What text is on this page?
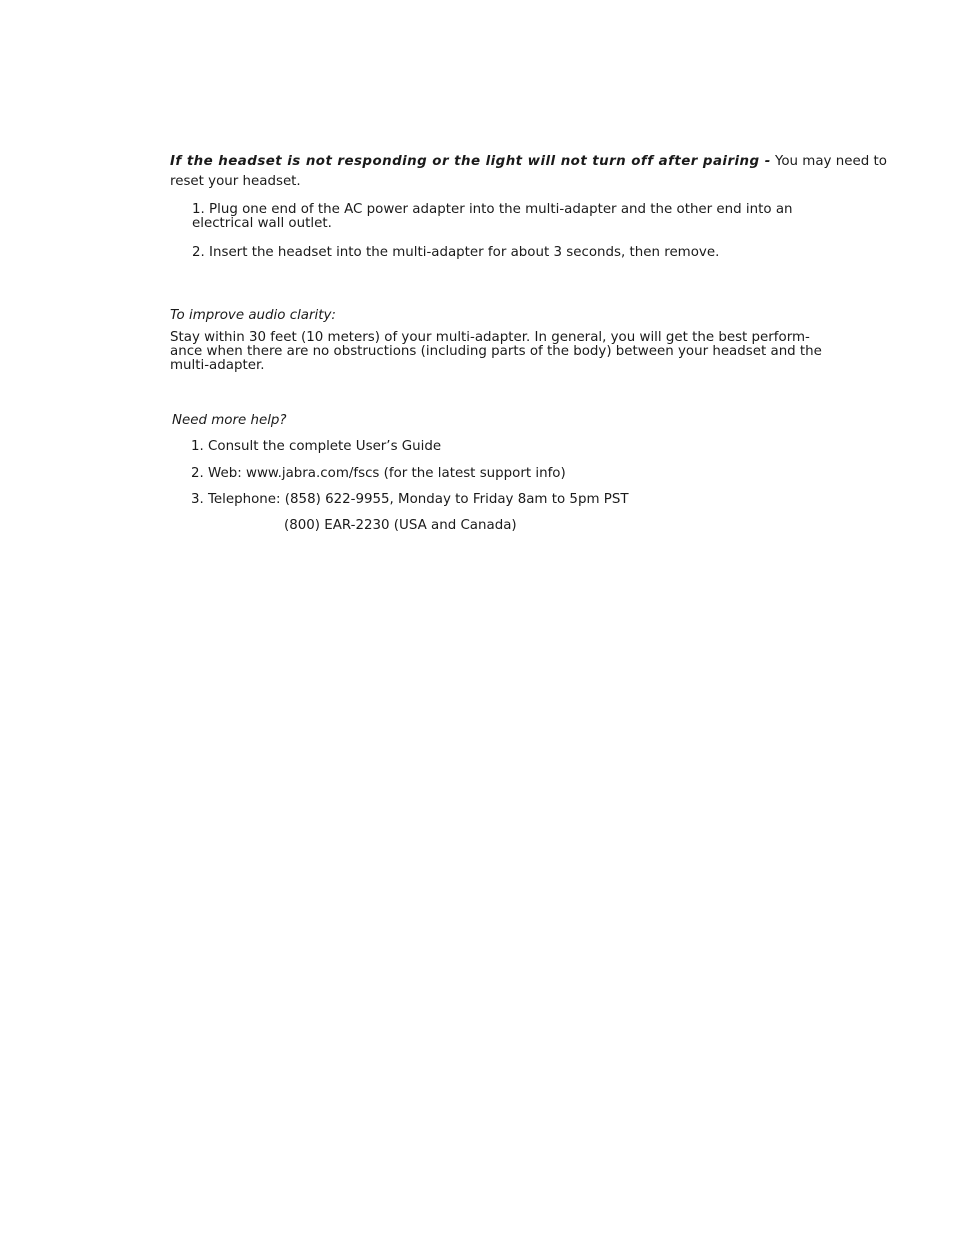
If the headset is not responding or the light will not turn off after pairing - You may need to

reset your headset.

1. Plug one end of the AC power adapter into the multi-adapter and the other end into an
electrical wall outlet.

2. Insert the headset into the multi-adapter for about 3 seconds, then remove.

To improve audio clarity:

Stay within 30 feet (10 meters) of your multi-adapter. In general, you will get the best perform-
ance when there are no obstructions (including parts of the body) between your headset and the
multi-adapter.

Need more help?

1. Consult the complete User’s Guide

2. Web: www.jabra.com/fscs (for the latest support info)

3. Telephone: (858) 622-9955, Monday to Friday 8am to 5pm PST

(800) EAR-2230 (USA and Canada)
